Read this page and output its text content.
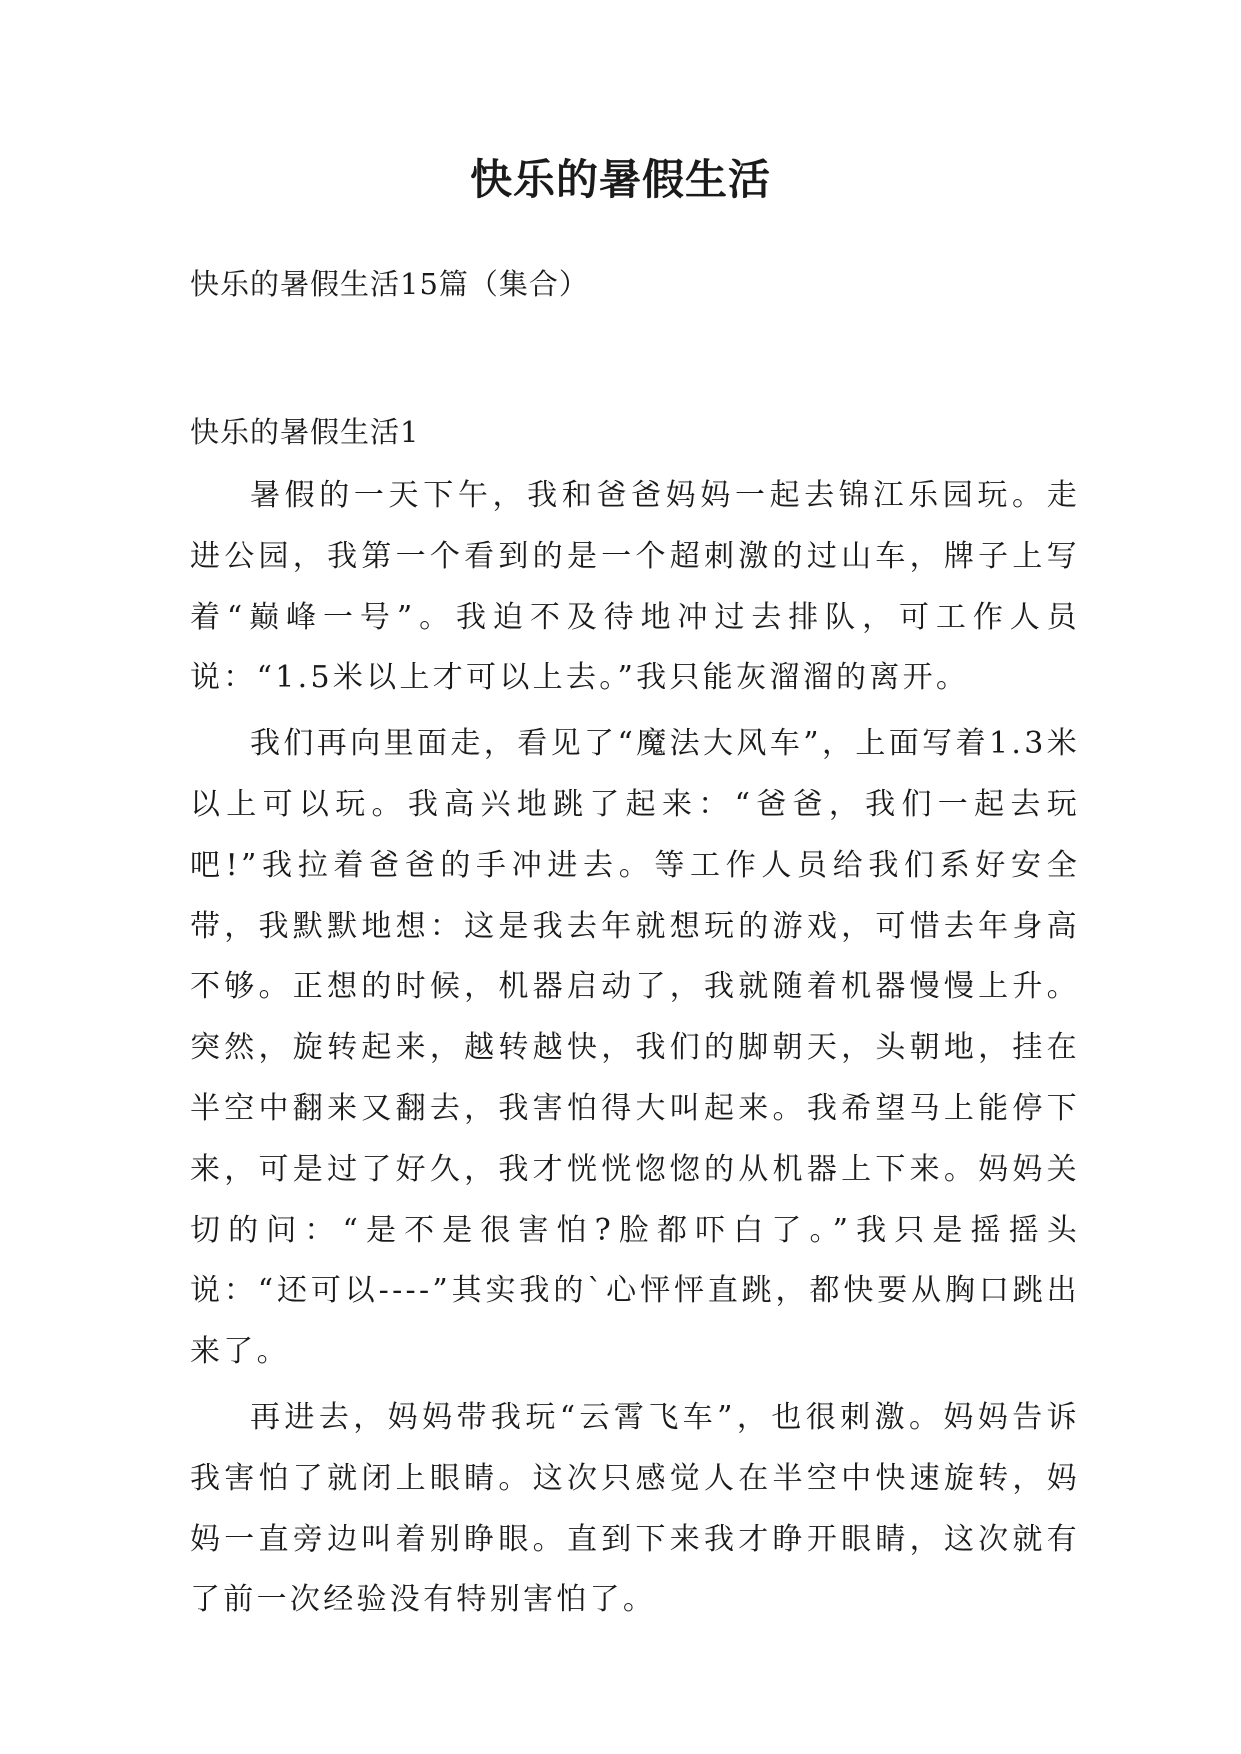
快乐的暑假生活
快乐的暑假生活15篇（集合）
快乐的暑假生活1

暑假的一天下午，我和爸爸妈妈一起去锦江乐园玩。走进公园，我第一个看到的是一个超刺激的过山车，牌子上写着“巅峰一号”。我迫不及待地冲过去排队，可工作人员说：“1.5米以上才可以上去。”我只能灰溜溜的离开。

我们再向里面走，看见了“魔法大风车”，上面写着1.3米以上可以玩。我高兴地跳了起来：“爸爸，我们一起去玩吧!”我拉着爸爸的手冲进去。等工作人员给我们系好安全带，我默默地想：这是我去年就想玩的游戏，可惜去年身高不够。正想的时候，机器启动了，我就随着机器慢慢上升。突然，旋转起来，越转越快，我们的脚朝天，头朝地，挂在半空中翻来又翻去，我害怕得大叫起来。我希望马上能停下来，可是过了好久，我才恍恍惚惚的从机器上下来。妈妈关切的问：“是不是很害怕?脸都吓白了。”我只是摇摇头说：“还可以----”其实我的`心怦怦直跳，都快要从胸口跳出来了。

再进去，妈妈带我玩“云霄飞车”，也很刺激。妈妈告诉我害怕了就闭上眼睛。这次只感觉人在半空中快速旋转，妈妈一直旁边叫着别睁眼。直到下来我才睁开眼睛，这次就有了前一次经验没有特别害怕了。
